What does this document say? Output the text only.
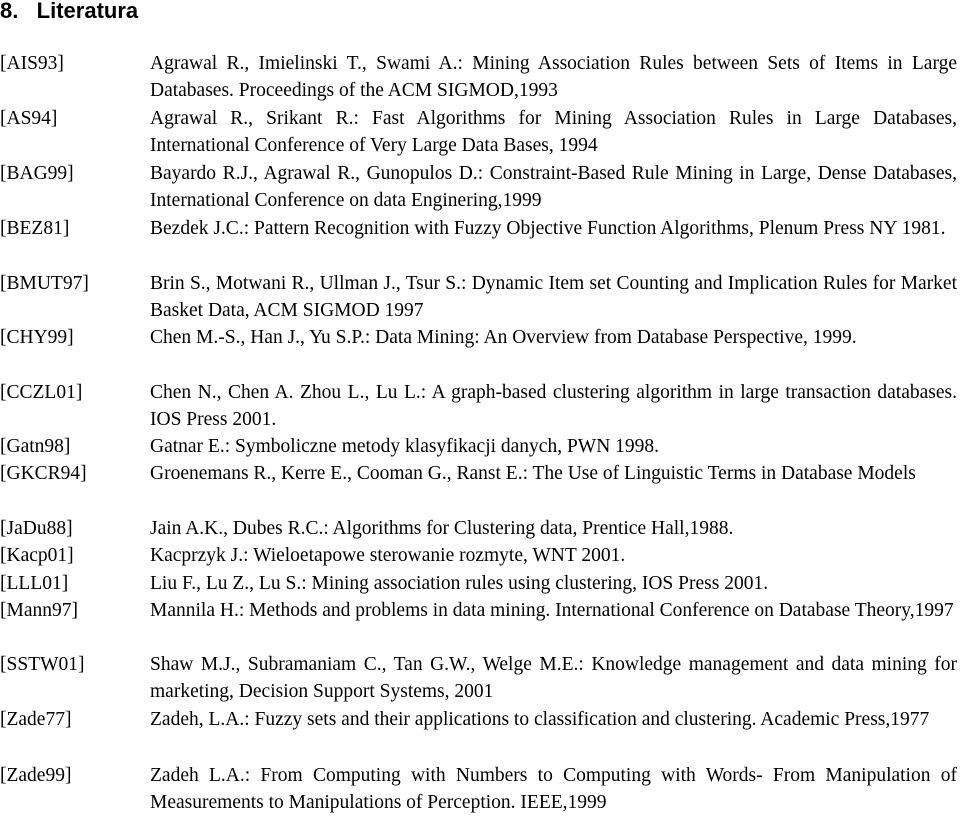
8.   Literatura
[AIS93]	Agrawal R., Imielinski T., Swami A.: Mining Association Rules between Sets of Items in Large Databases. Proceedings of the ACM SIGMOD,1993
[AS94]	Agrawal R., Srikant R.: Fast Algorithms for Mining Association Rules in Large Databases, International Conference of Very Large Data Bases, 1994
[BAG99]	Bayardo R.J., Agrawal R., Gunopulos D.: Constraint-Based Rule Mining in Large, Dense Databases, International Conference on data Enginering,1999
[BEZ81]	Bezdek J.C.: Pattern Recognition with Fuzzy Objective Function Algorithms, Plenum Press NY 1981.
[BMUT97]	Brin S., Motwani R., Ullman J., Tsur S.: Dynamic Item set Counting and Implication Rules for Market Basket Data, ACM SIGMOD 1997
[CHY99]	Chen M.-S., Han J., Yu S.P.: Data Mining: An Overview from Database Perspective, 1999.
[CCZL01]	Chen N., Chen A. Zhou L., Lu L.: A graph-based clustering algorithm in large transaction databases. IOS Press 2001.
[Gatn98]	Gatnar E.: Symboliczne metody klasyfikacji danych, PWN 1998.
[GKCR94]	Groenemans R., Kerre E., Cooman G., Ranst E.: The Use of Linguistic Terms in Database Models
[JaDu88]	Jain A.K., Dubes R.C.: Algorithms for Clustering data, Prentice Hall,1988.
[Kacp01]	Kacprzyk J.: Wieloetapowe sterowanie rozmyte, WNT 2001.
[LLL01]	Liu F., Lu Z., Lu S.: Mining association rules using clustering, IOS Press 2001.
[Mann97]	Mannila H.: Methods and problems in data mining. International Conference on Database Theory,1997
[SSTW01]	Shaw M.J., Subramaniam C., Tan G.W., Welge M.E.: Knowledge management and data mining for marketing, Decision Support Systems, 2001
[Zade77]	Zadeh, L.A.: Fuzzy sets and their applications to classification and clustering. Academic Press,1977
[Zade99]	Zadeh L.A.: From Computing with Numbers to Computing with Words- From Manipulation of Measurements to Manipulations of Perception. IEEE,1999
